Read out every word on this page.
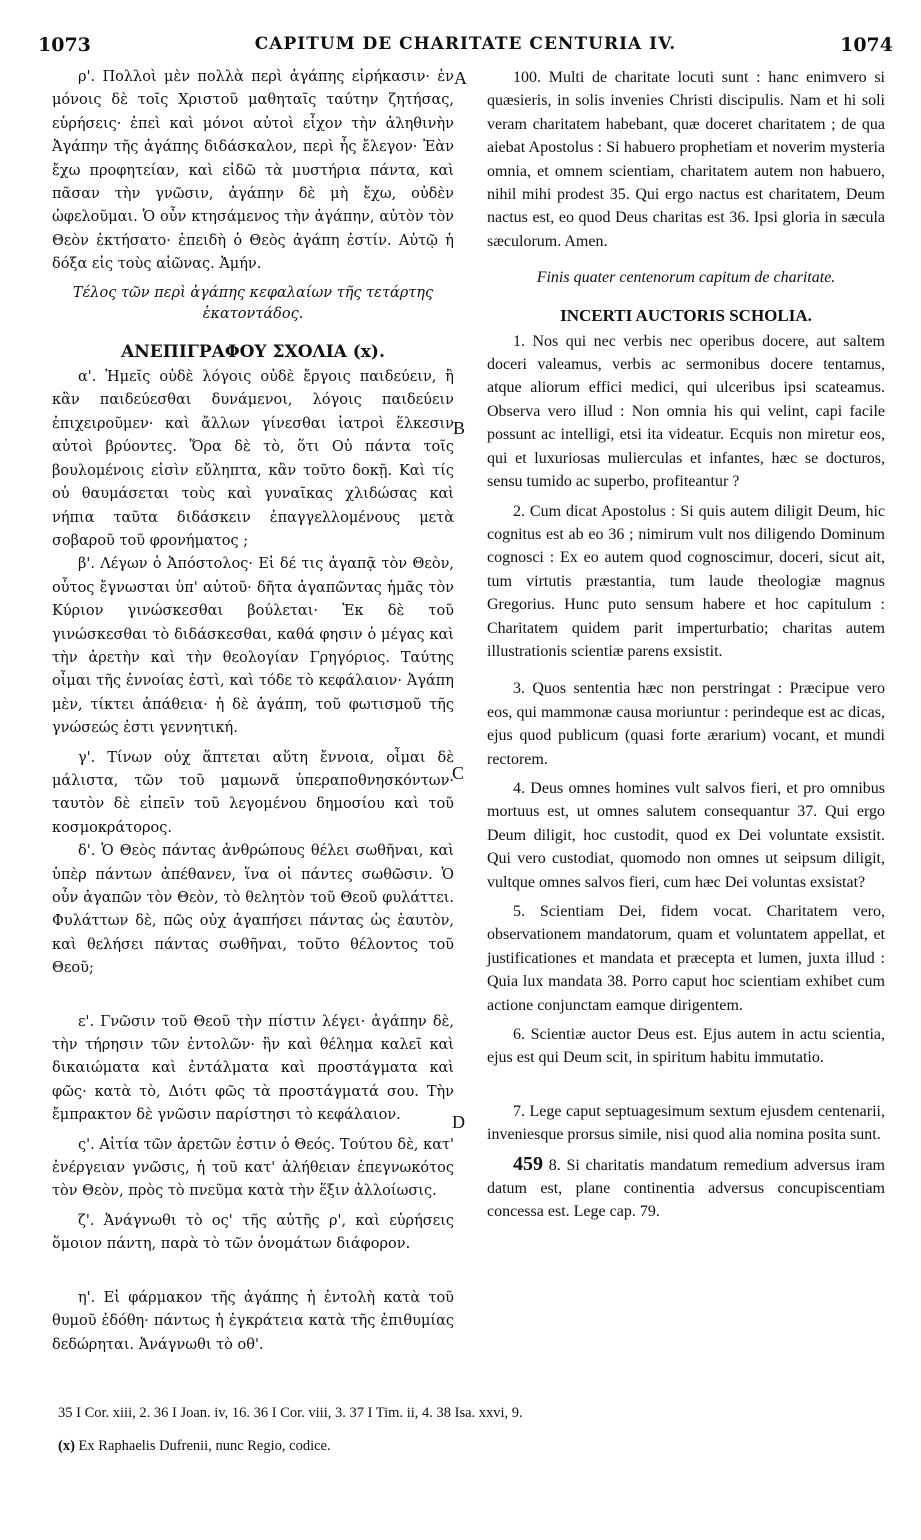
1073	CAPITUM DE CHARITATE CENTURIA IV.	1074
A
B
C
D

ρ'. Πολλοὶ μὲν πολλὰ περὶ ἀγάπης εἰρήκασιν· ἐν μόνοις δὲ τοῖς Χριστοῦ μαθηταῖς ταύτην ζητήσας, εὑρήσεις· ἐπεὶ καὶ μόνοι αὐτοὶ εἶχον τὴν ἀληθινὴν Ἀγάπην τῆς ἀγάπης διδάσκαλον, περὶ ἧς ἔλεγον· Ἐὰν ἔχω προφητείαν, καὶ εἰδῶ τὰ μυστήρια πάντα, καὶ πᾶσαν τὴν γνῶσιν, ἀγάπην δὲ μὴ ἔχω, οὐδὲν ὠφελοῦμαι. Ὁ οὖν κτησάμενος τὴν ἀγάπην, αὐτὸν τὸν Θεὸν ἐκτήσατο· ἐπειδὴ ὁ Θεὸς ἀγάπη ἐστίν. Αὐτῷ ἡ δόξα εἰς τοὺς αἰῶνας. Ἀμήν.

Τέλος τῶν περὶ ἀγάπης κεφαλαίων τῆς τετάρτης ἑκατοντάδος.

ΑΝΕΠΙΓΡΑΦΟΥ ΣΧΟΛΙΑ (x).

α'. Ἡμεῖς οὐδὲ λόγοις οὐδὲ ἔργοις παιδεύειν, ἢ κἂν παιδεύεσθαι δυνάμενοι, λόγοις παιδεύειν ἐπιχειροῦμεν· καὶ ἄλλων γίνεσθαι ἰατροὶ ἕλκεσιν αὐτοὶ βρύοντες. Ὅρα δὲ τὸ, ὅτι Οὐ πάντα τοῖς βουλομένοις εἰσὶν εὔληπτα, κἂν τοῦτο δοκῇ. Καὶ τίς οὐ θαυμάσεται τοὺς καὶ γυναῖκας χλιδώσας καὶ νήπια ταῦτα διδάσκειν ἐπαγγελλομένους μετὰ σοβαροῦ τοῦ φρονήματος ;

β'. Λέγων ὁ Ἀπόστολος· Εἰ δέ τις ἀγαπᾷ τὸν Θεὸν, οὗτος ἔγνωσται ὑπ' αὐτοῦ· δῆτα ἀγαπῶντας ἡμᾶς τὸν Κύριον γινώσκεσθαι βούλεται· Ἐκ δὲ τοῦ γινώσκεσθαι τὸ διδάσκεσθαι, καθά φησιν ὁ μέγας καὶ τὴν ἀρετὴν καὶ τὴν θεολογίαν Γρηγόριος. Ταύτης οἶμαι τῆς ἐννοίας ἐστὶ, καὶ τόδε τὸ κεφάλαιον· Ἀγάπη μὲν, τίκτει ἀπάθεια· ἡ δὲ ἀγάπη, τοῦ φωτισμοῦ τῆς γνώσεώς ἐστι γεννητική.

γ'. Τίνων οὐχ ἅπτεται αὕτη ἔννοια, οἶμαι δὲ μάλιστα, τῶν τοῦ μαμωνᾶ ὑπεραποθνησκόντων· ταυτὸν δὲ εἰπεῖν τοῦ λεγομένου δημοσίου καὶ τοῦ κοσμοκράτορος.

δ'. Ὁ Θεὸς πάντας ἀνθρώπους θέλει σωθῆναι, καὶ ὑπὲρ πάντων ἀπέθανεν, ἵνα οἱ πάντες σωθῶσιν. Ὁ οὖν ἀγαπῶν τὸν Θεὸν, τὸ θελητὸν τοῦ Θεοῦ φυλάττει. Φυλάττων δὲ, πῶς οὐχ ἀγαπήσει πάντας ὡς ἑαυτὸν, καὶ θελήσει πάντας σωθῆναι, τοῦτο θέλοντος τοῦ Θεοῦ;

ε'. Γνῶσιν τοῦ Θεοῦ τὴν πίστιν λέγει· ἀγάπην δὲ, τὴν τήρησιν τῶν ἐντολῶν· ἣν καὶ θέλημα καλεῖ καὶ δικαιώματα καὶ ἐντάλματα καὶ προστάγματα καὶ φῶς· κατὰ τὸ, Διότι φῶς τὰ προστάγματά σου. Τὴν ἔμπρακτον δὲ γνῶσιν παρίστησι τὸ κεφάλαιον.

ς'. Αἰτία τῶν ἀρετῶν ἐστιν ὁ Θεός. Τούτου δὲ, κατ' ἐνέργειαν γνῶσις, ἡ τοῦ κατ' ἀλήθειαν ἐπεγνωκότος τὸν Θεὸν, πρὸς τὸ πνεῦμα κατὰ τὴν ἕξιν ἀλλοίωσις.

ζ'. Ἀνάγνωθι τὸ ος' τῆς αὐτῆς ρ', καὶ εὑρήσεις ὅμοιον πάντη, παρὰ τὸ τῶν ὀνομάτων διάφορον.

η'. Εἰ φάρμακον τῆς ἀγάπης ἡ ἐντολὴ κατὰ τοῦ θυμοῦ ἐδόθη· πάντως ἡ ἐγκράτεια κατὰ τῆς ἐπιθυμίας δεδώρηται. Ἀνάγνωθι τὸ οθ'.

100. Multi de charitate locuti sunt : hanc enimvero si quæsieris, in solis invenies Christi discipulis. Nam et hi soli veram charitatem habebant, quæ doceret charitatem ; de qua aiebat Apostolus : Si habuero prophetiam et noverim mysteria omnia, et omnem scientiam, charitatem autem non habuero, nihil mihi prodest 35. Qui ergo nactus est charitatem, Deum nactus est, eo quod Deus charitas est 36. Ipsi gloria in sæcula sæculorum. Amen.

Finis quater centenorum capitum de charitate.

INCERTI AUCTORIS SCHOLIA.

1. Nos qui nec verbis nec operibus docere, aut saltem doceri valeamus, verbis ac sermonibus docere tentamus, atque aliorum effici medici, qui ulceribus ipsi scateamus. Observa vero illud : Non omnia his qui velint, capi facile possunt ac intelligi, etsi ita videatur. Ecquis non miretur eos, qui et luxuriosas mulierculas et infantes, hæc se docturos, sensu tumido ac superbo, profiteantur ?

2. Cum dicat Apostolus : Si quis autem diligit Deum, hic cognitus est ab eo 36 ; nimirum vult nos diligendo Dominum cognosci : Ex eo autem quod cognoscimur, doceri, sicut ait, tum virtutis præstantia, tum laude theologiæ magnus Gregorius. Hunc puto sensum habere et hoc capitulum : Charitatem quidem parit imperturbatio; charitas autem illustrationis scientiæ parens exsistit.

3. Quos sententia hæc non perstringat : Præcipue vero eos, qui mammonæ causa moriuntur : perindeque est ac dicas, ejus quod publicum (quasi forte ærarium) vocant, et mundi rectorem.

4. Deus omnes homines vult salvos fieri, et pro omnibus mortuus est, ut omnes salutem consequantur 37. Qui ergo Deum diligit, hoc custodit, quod ex Dei voluntate exsistit. Qui vero custodiat, quomodo non omnes ut seipsum diligit, vultque omnes salvos fieri, cum hæc Dei voluntas exsistat?

5. Scientiam Dei, fidem vocat. Charitatem vero, observationem mandatorum, quam et voluntatem appellat, et justificationes et mandata et præcepta et lumen, juxta illud : Quia lux mandata 38. Porro caput hoc scientiam exhibet cum actione conjunctam eamque dirigentem.

6. Scientiæ auctor Deus est. Ejus autem in actu scientia, ejus est qui Deum scit, in spiritum habitu immutatio.

7. Lege caput septuagesimum sextum ejusdem centenarii, inveniesque prorsus simile, nisi quod alia nomina posita sunt.

459 8. Si charitatis mandatum remedium adversus iram datum est, plane continentia adversus concupiscentiam concessa est. Lege cap. 79.

35 I Cor. xiii, 2. 36 I Joan. iv, 16. 36 I Cor. viii, 3. 37 I Tim. ii, 4. 38 Isa. xxvi, 9.
(x) Ex Raphaelis Dufrenii, nunc Regio, codice.
